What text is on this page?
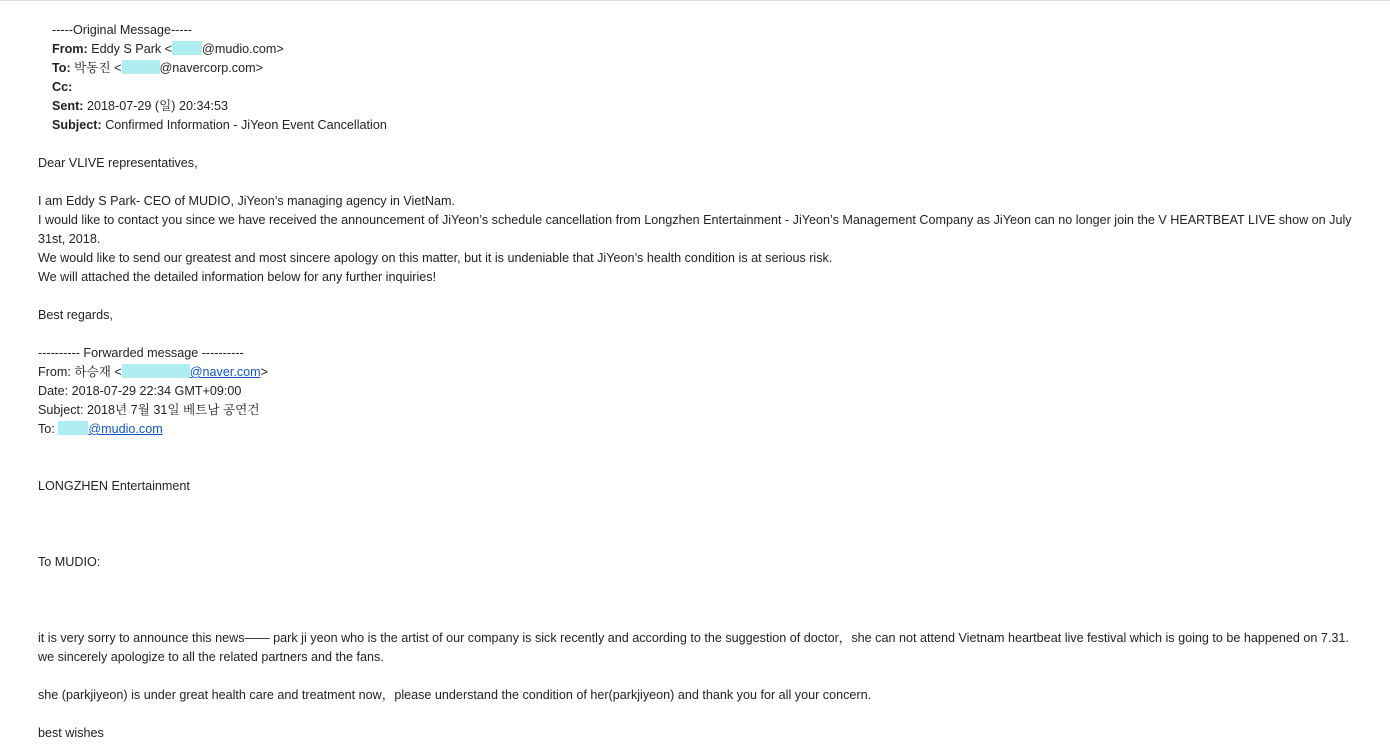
-----Original Message-----
From: Eddy S Park < @mudio.com>
To: 박동진 <	@navercorp.com>
Cc:
Sent: 2018-07-29 (일) 20:34:53
Subject: Confirmed Information - JiYeon Event Cancellation
Dear VLIVE representatives,
I am Eddy S Park- CEO of MUDIO, JiYeon’s managing agency in VietNam.
I would like to contact you since we have received the announcement of JiYeon’s schedule cancellation from Longzhen Entertainment - JiYeon’s Management Company as JiYeon can no longer join the V HEARTBEAT LIVE show on July 31st, 2018.
We would like to send our greatest and most sincere apology on this matter, but it is undeniable that JiYeon’s health condition is at serious risk.
We will attached the detailed information below for any further inquiries!
Best regards,
---------- Forwarded message ----------
From: 하승재 <	@naver.com>
Date: 2018-07-29 22:34 GMT+09:00
Subject: 2018년 7월 31일 베트남 공연건
To: @mudio.com
LONGZHEN Entertainment
To MUDIO:
it is very sorry to announce this news—— park ji yeon who is the artist of our company is sick recently and according to the suggestion of doctor，she can not attend Vietnam heartbeat live festival which is going to be happened on 7.31. we sincerely apologize to all the related partners and the fans.
she (parkjiyeon) is under great health care and treatment now，please understand the condition of her(parkjiyeon) and thank you for all your concern.
best wishes
